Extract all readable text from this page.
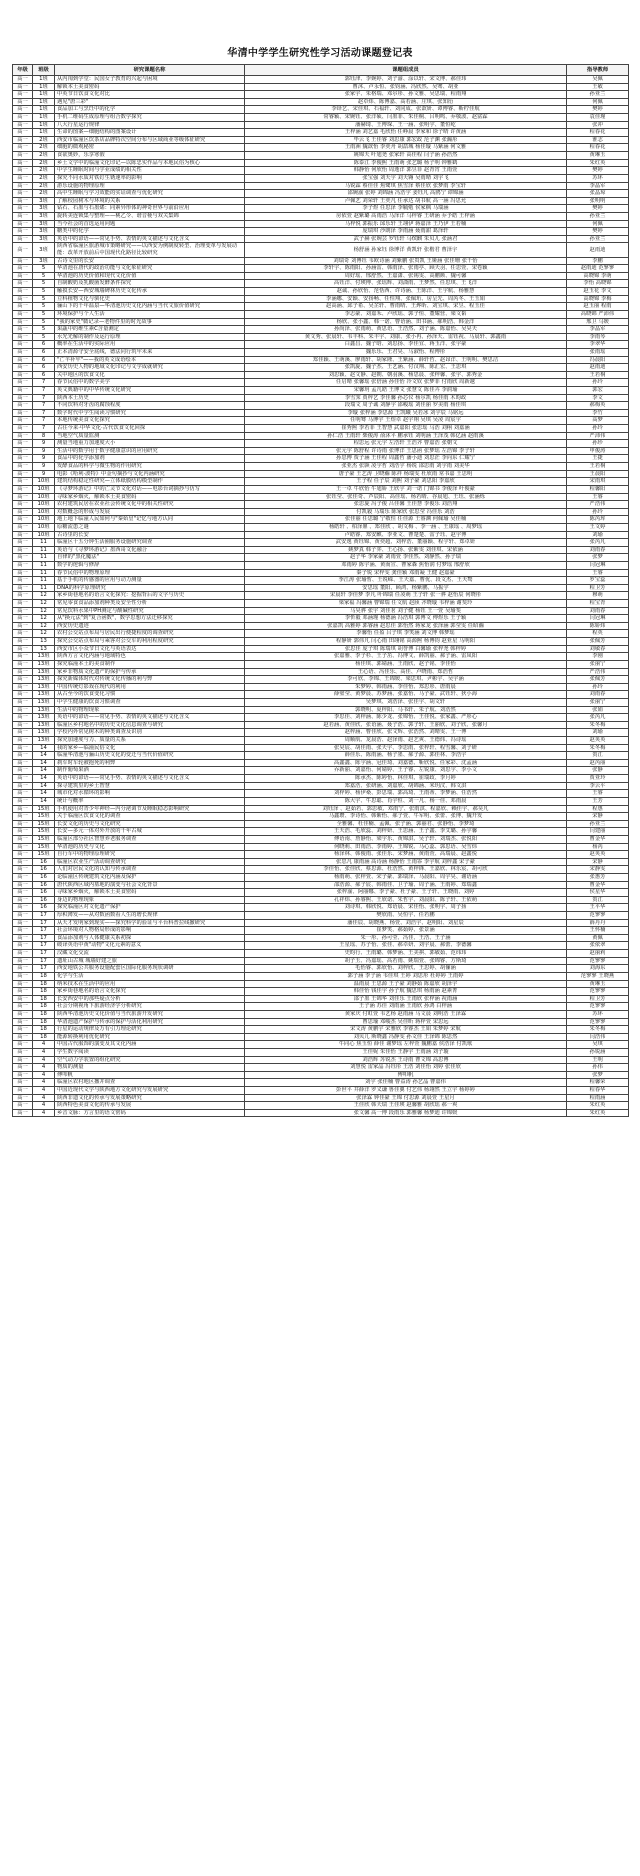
华清中学学生研究性学习活动课题登记表
年级	班级	研究课题名称	课题组成员	指导教师
高一	1班	从内闱到学堂：民国女子教育的兴起与困境	郭钰津、李婉婷、刘子渝、涂以轩、宋文博、郝佳玮	吴佩
高一	1班	解锁本土美食密码	曹沐、卢永恒、张钧涵、冯欣然、吴骞、胡亚	王敏
高一	1班	中英节日饮食文化对比	张家宇、朱格瑞、邓尔彤、孙文雅、吴思瑞、程雨翔	孙亚兰
高一	1班	遇见"唐三彩"	赵卓炜、陈博嘉、高若涵、庄琪、张知衍	何佩
高一	1班	食品加工与烹饪中的化学	李铎艺、宋佳琪、石福轩、刘同成、张歆妍、谭博睿、靳柠佳航	樊婷
高一	1班	手机二维码生成原理与组合数学探究	常睿颖、宋婉钰、张洋硕、闫墨菲、朱佳桐、吕明鸣、乔敬波、赵富霖	袁佳瑾
高一	1班	八大行星运行规律	潘赫琦、王博琛、王一涵、张明宇、董恒屹	张冲
高一	1班	生命的图案—细胞结构的图案设计	王梓涵 刘艺嘉 毛欣怡 任峥晨 李家和 徐子晴 许黄涵	程春花
高一	2班	西安市临潼区饮茶店品牌特次空间分布与区域商业等级体征研究	毕云飞 王佳睿 刘思康 郭宏政 范子渊 张瀚彤	淮志
高一	2班	细胞的微观秘密	王雨洲 魏歆怡 李奕舟 胡喆城 杨佳璇 马紫涵 何文雅	程春花
高一	2班	食欲奥妙，乐享寒假	姚锦天 叶旭尧 张家轩 高佳程 闫子涵 孙浩然	黄琳玉
高一	2班	乡土文学中的临潼文化印记—以陈忠实作品与本地民俗为核心	陈泰江 李俊熙 王雨萌 张艺璐 杨子明 钟雅鹤	朱红英
高一	2班	中学生睡眠时间与学业成绩的相关性	韩静怡 何欣怡 周逸洋 郭昱菲 赵青宵 王雨萱	樊婷
高一	2班	探究不同水质对铁钉生锈速率的影响	张宝强 刘天宇 刘天翱 吴雨晴 刘宇飞	苏环
高一	2班	游乐设施的物理原理	马锐霖 蔡佳佳 焦鹭琪 焦雪泽 蔡佳欣 张梦雨 李宝轩	李晶军
高一	2班	高中生睡眠与学习效能的实证调查与优化研究	邵婉渝 张婷 刘锦涵 冯浩宇 姜钰凡 高鸥宁 谭锦涵	张晶琼
高一	3班	了解校园树木与环境的关系	卢佩艺 刘荣轩 王奕凡 任承达 胡书航 高一涵 冯思允	张明明
高一	3班	钻石、石墨与石墨烯：同素异形体的神奇世界与前沿应用	李子煜 任思泽 李毓勉 侯家枫 马瑞涵	樊婷
高一	3班	旋转美连锁集与整理——桃乙令、谐音梗与双关集锦	房依萱 赵紫璐 高雨浩 马泽洋 马梓睿 王研涵 乔予皓 王梓涵	孙亚兰
高一	3班	当今社会的首选运用问题	马梓悦 郭振乐 邱乐轩 王翊伊 蒋嘉泽 王乃伊 王若楠	何佩
高一	3班	糖类中的化学	庞瑞琪 沙朗泽 李雨涵 聂雨甜 葛泽轩	樊婷
高一	3班	英语中的谚语——常见手势、表情的英文描述与文化含义	武子赫 张婉芸 罗钰轩 马缤麒 朱贝儿 张涵君	孙亚兰
高一	3班	陕西省临潼区旅游城市策略研究——以西安为例制度转型、治理变革与发展动能：改革开放前后中国现代化路径比较研究	杨舒涵 孙家钰 徐博洋 黄凯轩 张楷君 曹泽宇	赵雨迪
高一	3班	古诗文里的长安	刘瑞奇 刘博钰 韦欧诗涵 刘紫鹏 张贵凯 王娅涵 张佳珊 张千怡	李鹏
高一	5	华清池在唐代的政治功能与文化象征研究	李轩宇、陈雨阳、孙涵雷、韩雨泽、张雨亭、顾天羽、任思萱、宋卷颖	赵雨迪 范寥寥
高一	5	华清池的历史价值和现代文化价值	周好瑶、邢舒然、王嘉潇、张锡雯、高鹏颜、魏可馨	高晓锦 李萌
高一	5	自制酸奶及乳酸菌发酵条件探究	高钰洋、付瑛博、张瑶辉、刘潇雨、王梦然、任思琪、王飞洋	李怡 高晓锦
高一	5	触摸长安—西安城墙碑林历史文化传承	赵诚、孙欣怡、范恬西、许诗涵、王陈洋、王宇航、杨雅慧	赵玉花 李文
高一	5	豆科植物文化与驯化史	李涵娜、安颖、安扬畅、任恒翔、张佩珩、房呈先、周芮冬、王玉娟	高晓锦 李梅
高一	5	骊山下的千年温泉—华清池历史文化内涵与当代文旅价值研究	赵高涵、邱子希、吴芷轩、曹雨晴、王烨昕、刘宝琪、宋昱、程玉佳	赵玉丽 程雨
高一	5	环境保护与个人生活	李志豪、刘嘉禾、卢欣瑶、郭子恒、董耀营、梁文韬	高晓锦 严沛伟
高一	5	"我的家史"微记录—老物件里的时光故事	杨欣、张小鑫、韩一诺、曹语涵、田书涵、郝明浩、韩金洋	邢卫 马媛
高一	5	果蔬中的维生素C含量测定	孙尚泽、张雨萌、黄思语、王浩然、刘子涵、陈嘉怡、吴昊天	李晶军
高一	5	水光光解的制作及运行原理	黄文秀、张晨轩、韦丰科、朱丰宇、刘康、张小冉、孙泽天、雷钰祝、马晨轩、郭鑫雨	李雨琴
高一	6	概率在生活中的实际应用	白鑫昌、魏子晗、刘思扬、李佳宜、蒋玉洋、张宇豪	李翠华
高一	6	正本清源守安全底线，德法同行筑牢未来	魏乐乐、王君昊、马淑怡、程博彤	张雨瑶
高一	6	"亡羊补牢"——我的英文成语绘本	郑佳颖、王萌溪、廖雨轩、胡家隆、王紫涵、薛轩哲、赵昂洋、王明明、樊思洁	冯晨阳
高一	6	西安历史人物的地域文化印记与文学成就研究	张凯旋、魏子杰、王艺涵、付汉翔、陈汇宏、王思琪	赵雨迪
高一	6	关中地区的饮食文化	刘思颖、赵文静、赵朝、朝羽溪、杨思晨、张梓馨、张宇、郭秀金	王若桐
高一	7	春节民俗中的数学美学	任启晴 张馨瑶 张倍涵 孙佳怡 冷文钦 张梦菲 付雨欣 周新越	孙玲
高一	7	英文典籍中的中华传统文化研究	宋馨玥 孟凡皓 王博文 张慧文 陈佳卉 李润瑜	郭宏
高一	7	陕西本土历史	李雪霁 贾梓艺 李佳馨 孙芯仪 杨尔凯 杨佳雨 木昀政	李文
高一	7	不同饮料对牙齿的腐蚀程度	段瑞文 周子诚 刘静宇 邵峻瑶 刘佳丽 罗美雨 杨佳琪	郝梅英
高一	7	数字时代中学生阅读习惯研究	李璇 张梓涵 李思源 王凯曦 吴若冰 刘宇辰 马铭远	李竹
高一	7	本地传统美食文化探究	任明骞 马博宇 王煜卓 赵宇翔 吴琪 吴凌 周宸宇	高梦
高一	7	古往今来·中华文化·古代饮食文化回探	崔秀熙 李若菲 王智慧 武嘉阳 张思瑶 马浩 刘栩 刘嘉涵	孙玲
高一	8	当地空气质量监测	孙仁浩 王雨轩 柴俊涛 俞沐平 鹏承钰 刘明涵 王泽茂 韩亿涵 赵雨溪	严沛伟
高一	9	测量当地重力加速度大小	程思远 张元宇 左浩轩 王浩齐 曹嘉浩 张朝文	孙珍
高一	9	生活中的数学用于数字健康意识的应用研究	张元宇 陈舒程 许诗雨 张博洋 王思函 张梦瑶 左浩锦 李子轩	申俊涛
高一	9	食品中的化学添加剂	孙思博 贾子涵 王佳程 周鑫哲 潘小迪 刘思茫 李向东 仁耀宁	王捷
高一	9	发酵食品的科学与微生物的作用研究	张亚杰 张颢 凌宇哲 刘浩宇 杨锐 邵思雨 刘宇雨 刘美华	王若桐
高一	9	电影《哈利·波特》中金句摘抄与文化内涵研究	唐子豪 王艺涛 卫晓瀚 陈祥 杨瑞雯 杜欣雨 常书嘉 王思明	王晨阳
高一	10班	建筑结构稳定性研究—立体纸膜结构模型制作	王子程 任子辰 刘熙 刘子豪 刘思阳 李嘉欣	宋雨琪
高一	10班	《寻梦环游记》中的亡灵节文化对话——电影台词摘抄与仿写	王一卓 牛欣怡 牛旭娇 王欣宇 刘一诺 门锦书 李俊泽 叶俊豪	程馨阳
高一	10班	寻味家乡烟火，解锁本土美食密码	张钰莹、张佳奇、芦辰阳、高佳瑶、杨若晴、谷晨旭、王珏、张涵烁	王睿
高一	10班	农村建筑民居在农业社会传统文化中的相关性研究	张思旋 冯子俊 吕佳馨 王佳慧 李俊乐 刘浩翔	严浩伟
高一	10班	对数概念的形成与发展	付凯毅 马瑞乐 陈家欣 张思莹 冯佳乐 刘浩	孙玲
高一	10班	地上地下临潼人民如何与"秦始皇"记忆与地方认同	张佳丽 任思璐 宁敬恒 任佳源 王睿渊 何佩瑜 吴佳楠	陈芮珲
高一	10班	原糖流患之谜	杨皓轩 、柏泽鼎 、郑佳欣 、胡文梅 、李一涵 、王康瑶 、周梦瑶	王文婷
高一	10班	古诗里的长安	卢皓睿、郑安麒、李亚文、曹楚楚、雷子珏、赵宇博	刘瑜
高一	11	临潼区十五分钟生活圈服务设施研究调查	武安逸 黄钰锦、黄奕超、刘梓浩、董丽颖、程宇轩、郑卓妍	张芮凡
高一	11	英语与《寻梦环游记》墨西哥文化融合	姚梦真 韩子弈、王心扬、张紫雯 刘佳琪、宋依涵	刘雨春
高一	11	自律的"黑化魔法"	赵子华 李家豪 刘雨萱 李佳然、刘静然、孙子瑞	张梦
高一	11	数学的逻辑与修辞	邓雨婷 陈宇涵、黄而宣、曹家森 焦怡润 付梦瑶 邢舒欣	闫冠琳
高一	11	春节民俗中的物理原理	秦子锐 宋梓雯 龚佳颖 邓雨凝 王健 赵嘉豪	王睿
高一	11	基于手机的传感器的应用与动力测量	季江涛 张瑜皙、王锐嵘、王天嘉、曹优、段文杰、王天骜	罗宝蕊
高一	11	DNA的科学原理研究	安思瑶 董阳、顾鸿、杨紫鹏、马振宇	程卫芳
高一	12	家乡街巷地名的语言文化探究：挖掘背后的文字与历史	宋晨轩 李佳梦 李凡 叶锦瑞 任凌萌 王子轩 张一骅 赵怡辰 何晓彤	穆萌
高一	12	常见零食食品添加剂种类及安全性分析	梁家福 冯馨涵 曹锦瑞 任文航 赵颀 齐晓璇 韦梓涵 谢斐玲	程宝青
高一	12	常见饮料水果中PH测定与酸碱性研究	马昊骅 张宇 刘佳茗 刘子健 杨钰 王一萱 吴瑜斐	刘雨春
高一	12	从"换元法"到"复合函数"，数学思想方法迁移探究	李忻毅 邓涵瑾 杨德涵 冯浩琪 郭博文 傅煜乐 王子颖	闫冠琳
高一	12	西安历史遗迹	张嘉凯 高雅婷 郭睿涵 赵思佳 郭怡然 蒋家龙 张泽涵 郭莹雯 任昭瀚	陈娇炜
高一	12	农村公交站点布局与居民出行便捷程度的调查研究	李馨怡 任盈 吕子琪 李笑涵 刘文博 韩梦瑶	程英
高一	13	探究公交站点布局与乘客对公交车的利用程度研究	程静妍 郭伟凡 闫心雨 田翊铭 高源熙 杨博钧 赵亚星 马明阳	张佩芳
高一	13	西安市区小众节日文化与英语表达	张思佳 庞子琪 陈瑞琪 胡誉博 白馨瑜 张梓尧 韩梓婷	刘敏春
高一	13班	陕西方言文化内涵与地域特色	张嘉雅、李子杉、王子茁、冯博文、薛凯丽、郝子涵、雷凤阳	李刚
高一	13班	探究临潼本土的美食制作	杨佳琪、郭婧涵、王雨欣、赵子铭、李佳怡	张丽宁
高一	13班	家乡非物质文化遗产的保护与传承	王心语、冯佳乐、高佳、卢晓雨、郑浩哲	严浩伟
高一	13班	探究新媒体时代对传统文化传播的利与弊	李可欣、李锦、王锦媛、梁思琪、尹彬宇、吴宇涵	张佩芳
高一	13班	中国传统灯影戏在现代的利用	朱梦婷、韩雨涵、李佳怡、郑思彤、唐雨晨	孙玲
高一	13班	从古至今的饮食变化习惯	薛璧莹、黄梦晨、苏梦涵、张嘉怡、马子豪、武钰轩、狄小海	刘雨春
高一	13班	中学生健康的饮食习惯调查	吴梦琪、刘浩泽、张佳宇、胡文轩	张丽宁
高一	13班	生活中的物理现象	郭晓明、夏梓阳、马书轩、朱子航、刘浩然	张娟
高一	13班	英语中的谚语——常见手势、表情的英文描述与文化含义	李思佳、刘梓涵、陈少龙、张锦怡、王佳悦、张家鑫、严彤心	张芮凡
高一	13班	临潼区乡村地名中的历史文化信息调查与研究	赵若涵、黄佳欣、张语涵、聂子浩、郭子轩、王丽欣、刘子欣、张馨月	朱冬梅
高一	13班	学校内外常见树木的种类调查及识别	赵梓涵、曹佳欣、张文辉、张浩然、刘晴雯、王一博	刘瑜
高一	13班	探究加速度与力、质量的关系	周顺航、龙晨浩、赵泽雨、赵艺爽、王德炜、冯诗瑶	赵英英
高一	14	我的家乡—临潼民俗文化	张昊宸、胡佳雨、张天宇、李思雨、张梓轩、程雪馨、刘子研	朱冬梅
高一	14	临潼华清池与骊山历史文化的变迁与当代价值研究	薛佳乐、陈雨涵、杨子墨、郝子源、郭佳林、李浩宇	贺江
高一	14	刹车时车轮被抱死的利弊	高鑫鑫、陈宇涵、冠佳琦、刘嘉德、靳欣悦、任家彩、沈孟涵	赵芮丽
高一	14	制作葡萄果酒	乔新丽、刘嘉怡、何婧婷、王子睿、左锐康、刘思宇、李小文	张静
高一	14	英语中的谚语——常见手势、表情的英文描述与文化含义	陈承杰、陈婷怡、林佳琪、崔瑞政、李月婷	贾亚玲
高一	14	探寻建筑里的乡土智慧	郑嘉浩、张研涵、刘嘉欣、胡锦涵、米玥汶、韩文淇	李云平
高一	14	城市化对水循环的影响	刘梓婷、杨伊桑、彭思瑞、郭高琦、王雨蒂、李梦涵、任浩然	王睿
高一	14	统计与概率	陈大宇、牛思聪、肖宇恒、刘一凡、杨一佳、邓雨晨	王芳
高一	15班	手机使用对青少年神经—内分泌调节及睡眠稳态影响研究	刘钰泽 、赵茹若、郭思敏、邓雨宁、张雨淇、程嘉欣、赖佳宇、郝昊凡	程惠
高一	15班	关于临潼区饮食文化的调查	马鑫瓒、李诗怡、韩紫怡、郝子萱、牛军明、张蕾、张博、魏开发	宋静
高一	15班	长安文化的历史与文化研究	全雅馨、杜佳楠、孟佩、张子涵、郭丽君、张静怡、李梦琦	孙亚兰
高一	15班	长安—多元一体对外开放的千年古城	王天浩、毛欣蕊、刘梓妍、王思涵、王子鑫、李艾璐、孙宇馨	闫建丽
高一	15班	临潼区部分社区智慧养老服务调查	傅语南、詹静怡、梁宇乐、黄锦淇、吴子轩、刘瑞杰、张悦阳	曹金华
高一	15班	华清池的历史与文化	何晓莉、田雨浩、李雨婷、王锦锐、马心蕊、郭思语、吴雪炜	杨芮
高一	15班	自行车中的物理原理研究	杨泽林、韩俊雨、张佳乐、宋梦涵、黄雨萱、高瑞晨、赵鑫悦	赵英英
高一	16	临潼区农业生产活动调查研究	张思凡 康雨涵 高诗涵 杨静怡 王雨霏 李宇航 刘梓鑫 宋子豪	宋静
高一	16	人们对居民文化的认知与传承调查	李佳怡、张佳欣、蔡思源、杜浩然、黄梓锋、王嘉欣、林乐宸、胡可欣	宋静雯
高一	16	论临潼区传统建筑文化内涵及保护	杨雨萌、张梓萱、宋子豪、郭瑞泽、马晨阳、周宇昊、谢语涵	张惠芳
高一	16	唐代陕西区域内墓地的演变与社会文化背景	邵浩源、郝子宸、韩雨佳、卫子瑜、周子涵、王雨婷、郑瑞鑫	曹金华
高一	16	寻味家乡烟火，解锁本土美食密码	张梓渝、阿丽娜、李子豪、杜子豪、王子轩、王晓雨、刘婷	侯星华
高一	16	身边的物理现象	孔祥炜、孙睿熙、王欣诺、朱哲宇、刘晨阳、陈子轩、王依萌	贺江
高一	16	探究临潼区对文化遗产保护	刘诗琪、韩欣悦、郑语晨、宋佳怡、张明宇、周子扬	王平华
高一	17	厚积薄发——从对数函数看人生的增长规律	樊欣雨、吴恒宇、任若鹏	范寥寥
高一	17	从天才发明家到现实——探究科学的验证与平台科普拉线撤研究	潘佳辰、胡晓燕、杨萱、刘浩宇、赵明阳、刘星辰	薛丹丹
高一	17	社会环境对人物格局形成的影响	崔梦笑、郝茹婷、张景涵	王怀楠
高一	17	食品添加剂与人体健康关系初探	朱一彤、孙可莹、冯佳、王浩、王子涵	黄佩
高一	17	破译英语中黄"动物"文化元素的意义	王星瑶、苏子怡、张佳、郝卓妍、刘宇晨、郝蕾、李德馨	张依翠
高一	17	汉藏文化交流	史昀行、王雨璐、韩梦涵、王美祺、郭敏茹、范纬玮	赵丽莉
高一	17	遗址山古城 城墙好建之旅	胡子玉、冯嘉瑶、高若雨、姚瑞萱、张锦睿、方斯琦	范寥寥
高一	17	西安地铁公共服务设施配套区国际化服务现状调研	毛怡睿、郭欣怡、刘梓欣、王思婷、胡俪涵	刘海东
高一	18	化学与生活	郭子涵 李子涵 韦佳琪 王婷 刘思彤 杜婷婷 王雨婷	范寥寥 王晓燕
高一	18	纳米技术在生活中的应用	温雨晨 王思源 王子豪 刘静茹 陈嘉欣 胡泽宇	黄琳玉
高一	18	家乡街巷地名的语言文化探究	韩佳怡 钱佳宇 孙子航 魏思琪 杨雨涵 赵素菁	范寥寥
高一	18	长安西安中的那些疑点分析	邵子墨 王锦华 刘佳乐 王雨欣 张梓涵 祝雨涵	程卫芳
高一	18	社会分期视角下旅游经济学分析研究	王子涵 苏佳 刘雨涵 王雨欣 孙鸿 白梓涵	范寥寥
高一	18	陕西华清池历史文化价值与当代旅游开发研究	黄家庆 付虹萱 韦艺杨 赵雨涵 马文晨 刘明浩 王泽霖	苏环
高一	18	华清池遗产保护与传承的保护与活化利用研究	曹思瑜 邓峻杰 吴佳昕 蒋梓萱 宋思远	范寥寥
高一	18	行星的运动规律及万有引力理论研究	宋文涛 黄鹏宇 宋雅欣 李睿杰 王娟 朱梦婷 宋航	朱冬梅
高一	18	能源转换利用优化研究	刘贝儿 斯晓鑫 冯静雯 孙文佳 王泽锦 陈思然	闫浩伟
高一	4	中国古代服饰的演变及其文化内涵	牛同心 焦玉恒 薛佳 谢梦瑶 左梓萱 魏鹏嘉 侯浩泽 付凯歌	吴琪
高一	4	学生数字阅读	王佳妮 朱佳怡 王静宇 王雨涵 刘子璇	孙锐涵
高一	4	空气动力学装置的组化研究	刘浩辉 苏锐杰 王诗雨 曹文锦 高思博	王明
高一	4	物质的测量	刘慧悦 雷家晶 冯钰彤 王浩 刘佳怡 刘婷 张佳欣	孙伟
高一	4	傅叩帆	傅叩帆	张梦
高一	4	临潼区农村地区撤并调查	刘宇 张佳楠 曹益涛 孙艺晶 曹嘉伟	程馨荣
高一	4	中国近现代文学与陕西地方文化研究与发展研究	彭世平 井薛洋 罗义谦 鲁佳翼 付艺伟 杨翊然 王立宇 杨婷婷	程春华
高一	4	陕西非遗文化的传承与发展策略研究	张泽霖 钟佳豪 王锦 付思源 刘晨萱 王星月	程雨涵
高一	4	陕西特色美食文化的传承与发展	王佳欣 韩天瑞 王佳瑛 赵馨雅 胡欣瑶 郝一爽	朱红英
高一	4	乡音文脉：方言里的语文密码	张文馨 高一博 段雨乐 郭雅馨 杨梦迪 许锦媛	朱红英
